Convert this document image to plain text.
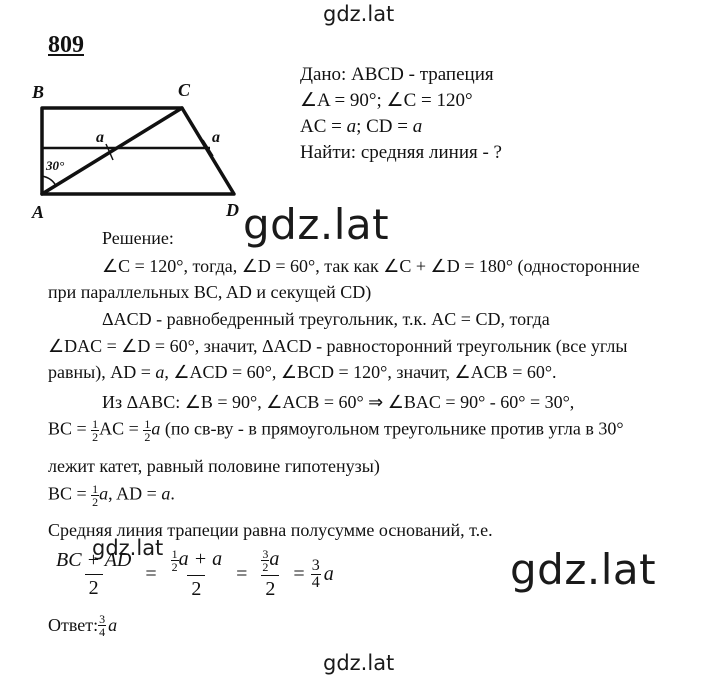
gdz.lat
gdz.lat
gdz.lat	gdz.lat
gdz.lat
809
B	C
A	D
a	a
30°
Дано: ABCD - трапеция
∠A = 90°; ∠C = 120°
AC = a; CD = a
Найти: средняя линия - ?
Решение:
∠C = 120°, тогда, ∠D = 60°, так как ∠C + ∠D = 180° (односторонние
при параллельных BC, AD и секущей CD)
ΔACD - равнобедренный треугольник, т.к. AC = CD, тогда
∠DAC = ∠D = 60°, значит, ΔACD - равносторонний треугольник (все углы
равны), AD = a, ∠ACD = 60°, ∠BCD = 120°, значит, ∠ACB = 60°.
Из ΔABC: ∠B = 90°, ∠ACB = 60° ⇒ ∠BAC = 90° - 60° = 30°,
BC = $\frac{1}{2}$ AC = $\frac{1}{2}$ a (по св-ву - в прямоугольном треугольнике против угла в 30°
лежит катет, равный половине гипотенузы)
BC = $\frac{1}{2} a$, AD = a.
Средняя линия трапеции равна полусумме оснований, т.е.
$\frac{BC + AD}{2} = \frac{\frac{1}{2} a + a}{2} = \frac{\frac{3}{2} a}{2} = \frac{3}{4}$ a
Ответ: $\frac{3}{4}$ a
